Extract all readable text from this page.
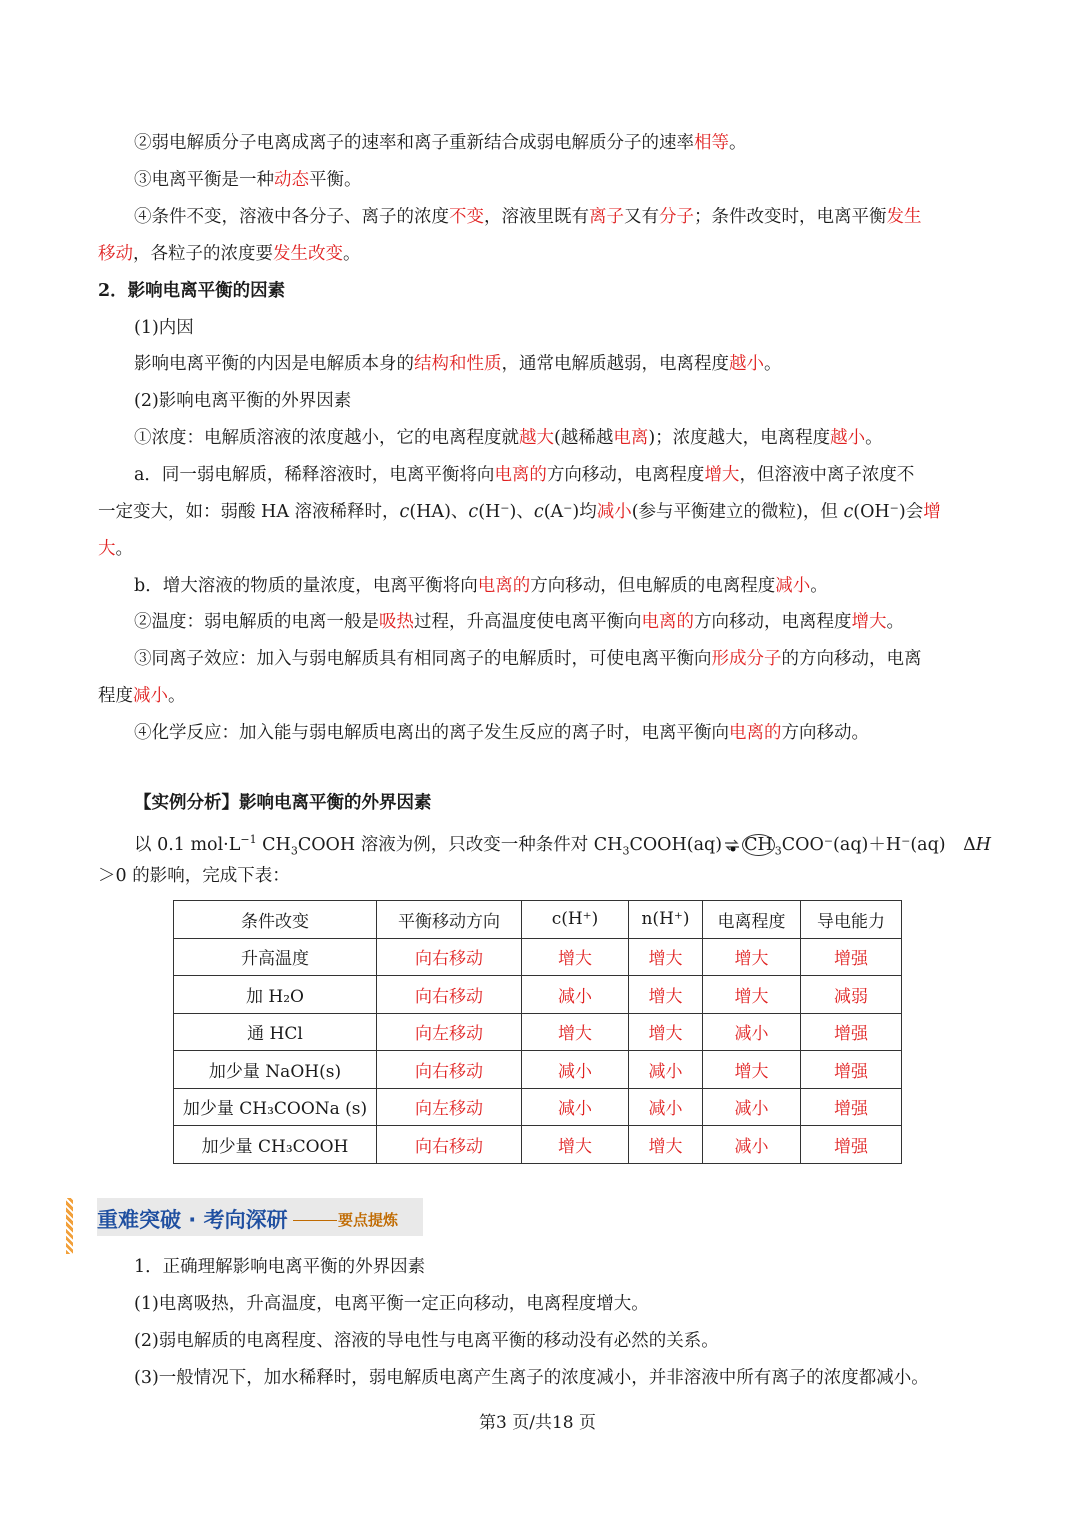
②弱电解质分子电离成离子的速率和离子重新结合成弱电解质分子的速率相等。
③电离平衡是一种动态平衡。
④条件不变，溶液中各分子、离子的浓度不变，溶液里既有离子又有分子；条件改变时，电离平衡发生
移动，各粒子的浓度要发生改变。
2．影响电离平衡的因素
(1)内因
影响电离平衡的内因是电解质本身的结构和性质，通常电解质越弱，电离程度越小。
(2)影响电离平衡的外界因素
①浓度：电解质溶液的浓度越小，它的电离程度就越大(越稀越电离)；浓度越大，电离程度越小。
a．同一弱电解质，稀释溶液时，电离平衡将向电离的方向移动，电离程度增大，但溶液中离子浓度不
一定变大，如：弱酸 HA 溶液稀释时，c(HA)、c(H⁻)、c(A⁻)均减小(参与平衡建立的微粒)，但 c(OH⁻)会增
大。
b．增大溶液的物质的量浓度，电离平衡将向电离的方向移动，但电解质的电离程度减小。
②温度：弱电解质的电离一般是吸热过程，升高温度使电离平衡向电离的方向移动，电离程度增大。
③同离子效应：加入与弱电解质具有相同离子的电解质时，可使电离平衡向形成分子的方向移动，电离
程度减小。
④化学反应：加入能与弱电解质电离出的离子发生反应的离子时，电离平衡向电离的方向移动。
【实例分析】影响电离平衡的外界因素
以 0.1 $mol\cdot L^{-1}$ $CH_3COOH$ 溶液为例，只改变一种条件对 $CH_3COOH(aq)$ ⇌ CH $_3$COO⁻(aq)＋H⁻(aq)　ΔH
＞0 的影响，完成下表：
条件改变	平衡移动方向	c(H⁺)	n(H⁺)	电离程度	导电能力
升高温度	向右移动	增大	增大	增大	增强
加 H₂O	向右移动	减小	增大	增大	减弱
通 HCl	向左移动	增大	增大	减小	增强
加少量 NaOH(s)	向右移动	减小	减小	增大	增强
加少量 CH₃COONa (s)	向左移动	减小	减小	减小	增强
加少量 CH₃COOH	向右移动	增大	增大	减小	增强
重难突破 · 考向深研	要点提炼
1．正确理解影响电离平衡的外界因素
(1)电离吸热，升高温度，电离平衡一定正向移动，电离程度增大。
(2)弱电解质的电离程度、溶液的导电性与电离平衡的移动没有必然的关系。
(3)一般情况下，加水稀释时，弱电解质电离产生离子的浓度减小，并非溶液中所有离子的浓度都减小。
第3 页/共18 页
